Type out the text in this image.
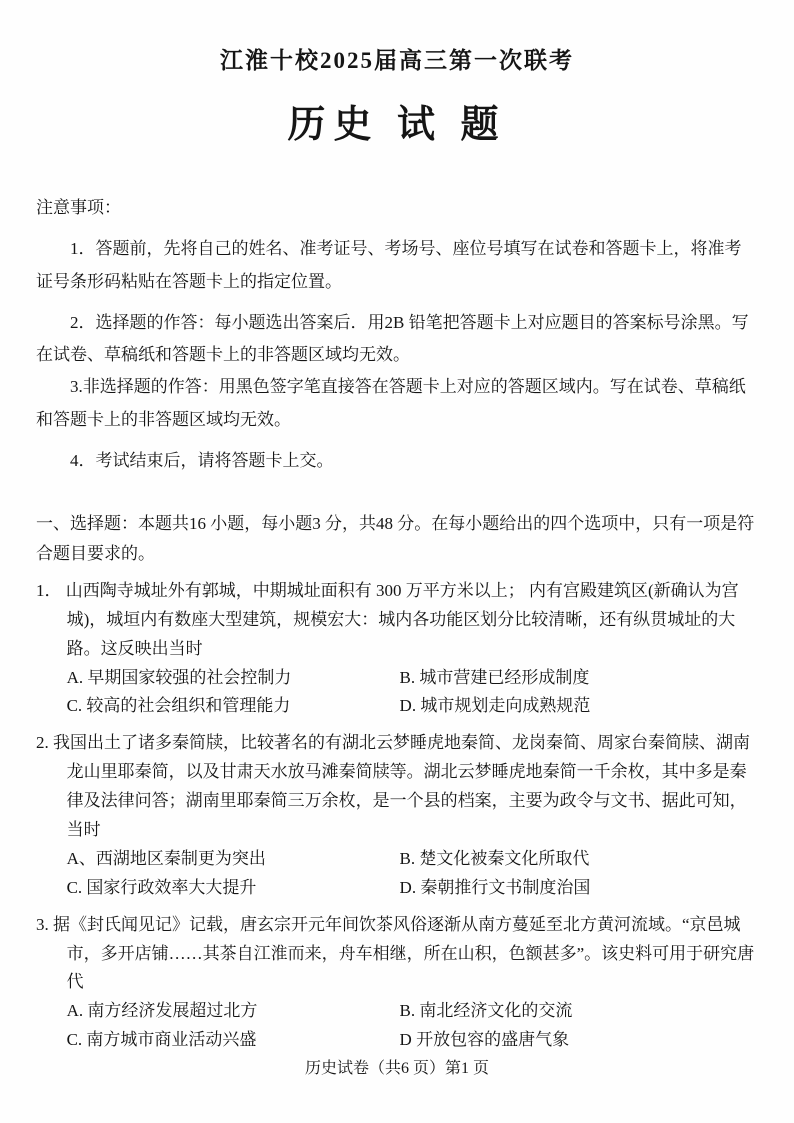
江淮十校2025届高三第一次联考
历史 试 题

注意事项：

1．答题前，先将自己的姓名、准考证号、考场号、座位号填写在试卷和答题卡上，将准考证号条形码粘贴在答题卡上的指定位置。

2．选择题的作答：每小题选出答案后．用2B 铅笔把答题卡上对应题目的答案标号涂黑。写在试卷、草稿纸和答题卡上的非答题区域均无效。

3.非选择题的作答：用黑色签字笔直接答在答题卡上对应的答题区域内。写在试卷、草稿纸和答题卡上的非答题区域均无效。

4．考试结束后，请将答题卡上交。

一、选择题：本题共16 小题，每小题3 分，共48 分。在每小题给出的四个选项中，只有一项是符合题目要求的。

1． 山西陶寺城址外有郭城，中期城址面积有 300 万平方米以上； 内有宫殿建筑区(新确认为宫城)，城垣内有数座大型建筑，规模宏大：城内各功能区划分比较清晰，还有纵贯城址的大路。这反映出当时

A. 早期国家较强的社会控制力	B. 城市营建已经形成制度
C. 较高的社会组织和管理能力	D. 城市规划走向成熟规范

2. 我国出土了诸多秦简牍，比较著名的有湖北云梦睡虎地秦简、龙岗秦简、周家台秦简牍、湖南龙山里耶秦简，以及甘肃天水放马滩秦简牍等。湖北云梦睡虎地秦简一千余枚，其中多是秦律及法律问答；湖南里耶秦简三万余枚，是一个县的档案，主要为政令与文书、据此可知，当时

A、西湖地区秦制更为突出	B. 楚文化被秦文化所取代
C. 国家行政效率大大提升	D. 秦朝推行文书制度治国

3. 据《封氏闻见记》记载，唐玄宗开元年间饮茶风俗逐渐从南方蔓延至北方黄河流域。“京邑城市，多开店铺……其茶自江淮而来，舟车相继，所在山积，色额甚多”。该史料可用于研究唐代

A. 南方经济发展超过北方	B. 南北经济文化的交流
C. 南方城市商业活动兴盛	D 开放包容的盛唐气象

历史试卷（共6 页）第1 页
